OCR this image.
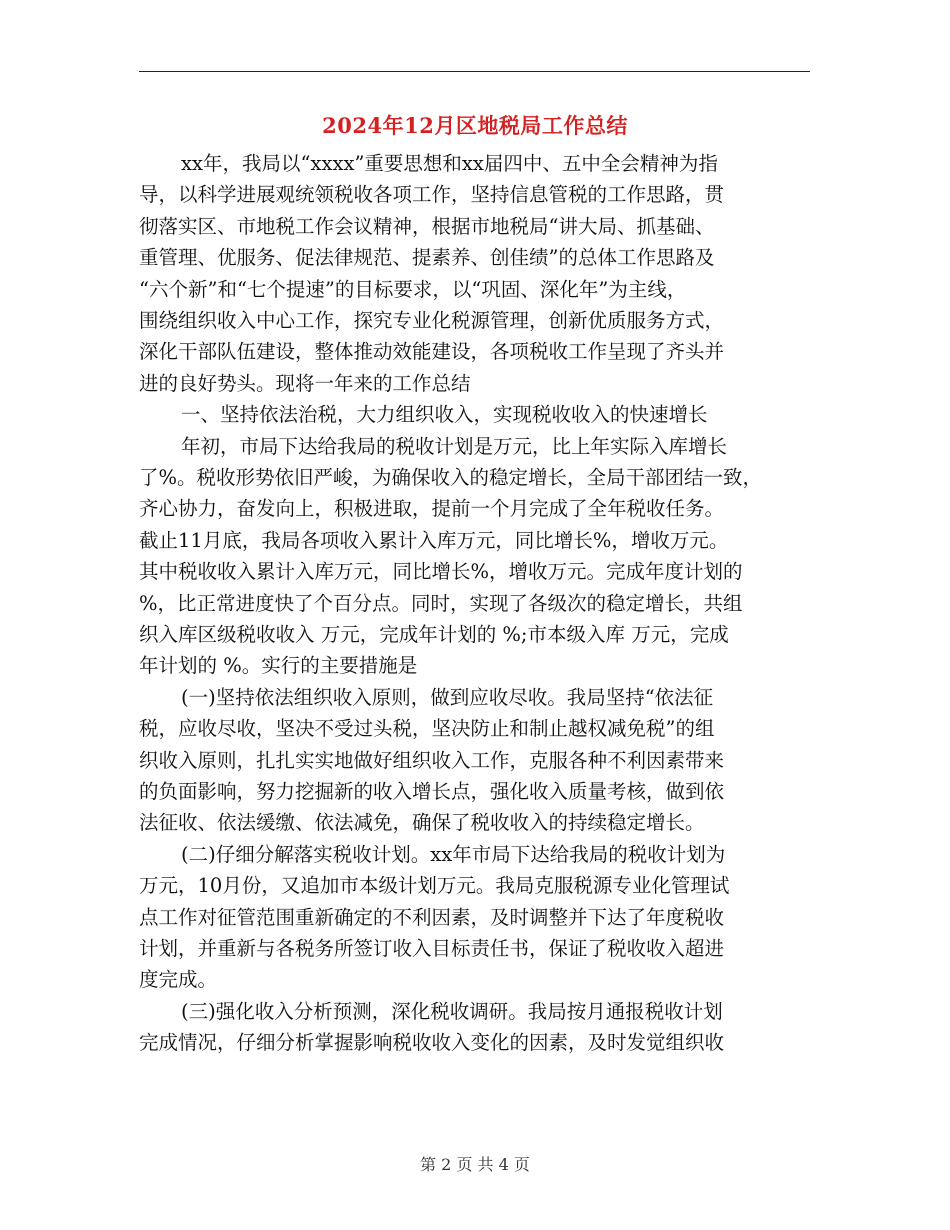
2024年12月区地税局工作总结
xx年，我局以“xxxx”重要思想和xx届四中、五中全会精神为指
导，以科学进展观统领税收各项工作，坚持信息管税的工作思路，贯
彻落实区、市地税工作会议精神，根据市地税局“讲大局、抓基础、
重管理、优服务、促法律规范、提素养、创佳绩”的总体工作思路及
“六个新”和“七个提速”的目标要求，以“巩固、深化年”为主线，
围绕组织收入中心工作，探究专业化税源管理，创新优质服务方式，
深化干部队伍建设，整体推动效能建设，各项税收工作呈现了齐头并
进的良好势头。现将一年来的工作总结
一、坚持依法治税，大力组织收入，实现税收收入的快速增长
年初，市局下达给我局的税收计划是万元，比上年实际入库增长
了%。税收形势依旧严峻，为确保收入的稳定增长，全局干部团结一致，
齐心协力，奋发向上，积极进取，提前一个月完成了全年税收任务。
截止11月底，我局各项收入累计入库万元，同比增长%，增收万元。
其中税收收入累计入库万元，同比增长%，增收万元。完成年度计划的
%，比正常进度快了个百分点。同时，实现了各级次的稳定增长，共组
织入库区级税收收入 万元，完成年计划的 %;市本级入库 万元，完成
年计划的 %。实行的主要措施是
(一)坚持依法组织收入原则，做到应收尽收。我局坚持“依法征
税，应收尽收，坚决不受过头税，坚决防止和制止越权减免税”的组
织收入原则，扎扎实实地做好组织收入工作，克服各种不利因素带来
的负面影响，努力挖掘新的收入增长点，强化收入质量考核，做到依
法征收、依法缓缴、依法减免，确保了税收收入的持续稳定增长。
(二)仔细分解落实税收计划。xx年市局下达给我局的税收计划为
万元，10月份，又追加市本级计划万元。我局克服税源专业化管理试
点工作对征管范围重新确定的不利因素，及时调整并下达了年度税收
计划，并重新与各税务所签订收入目标责任书，保证了税收收入超进
度完成。
(三)强化收入分析预测，深化税收调研。我局按月通报税收计划
完成情况，仔细分析掌握影响税收收入变化的因素，及时发觉组织收
第 2 页 共 4 页
